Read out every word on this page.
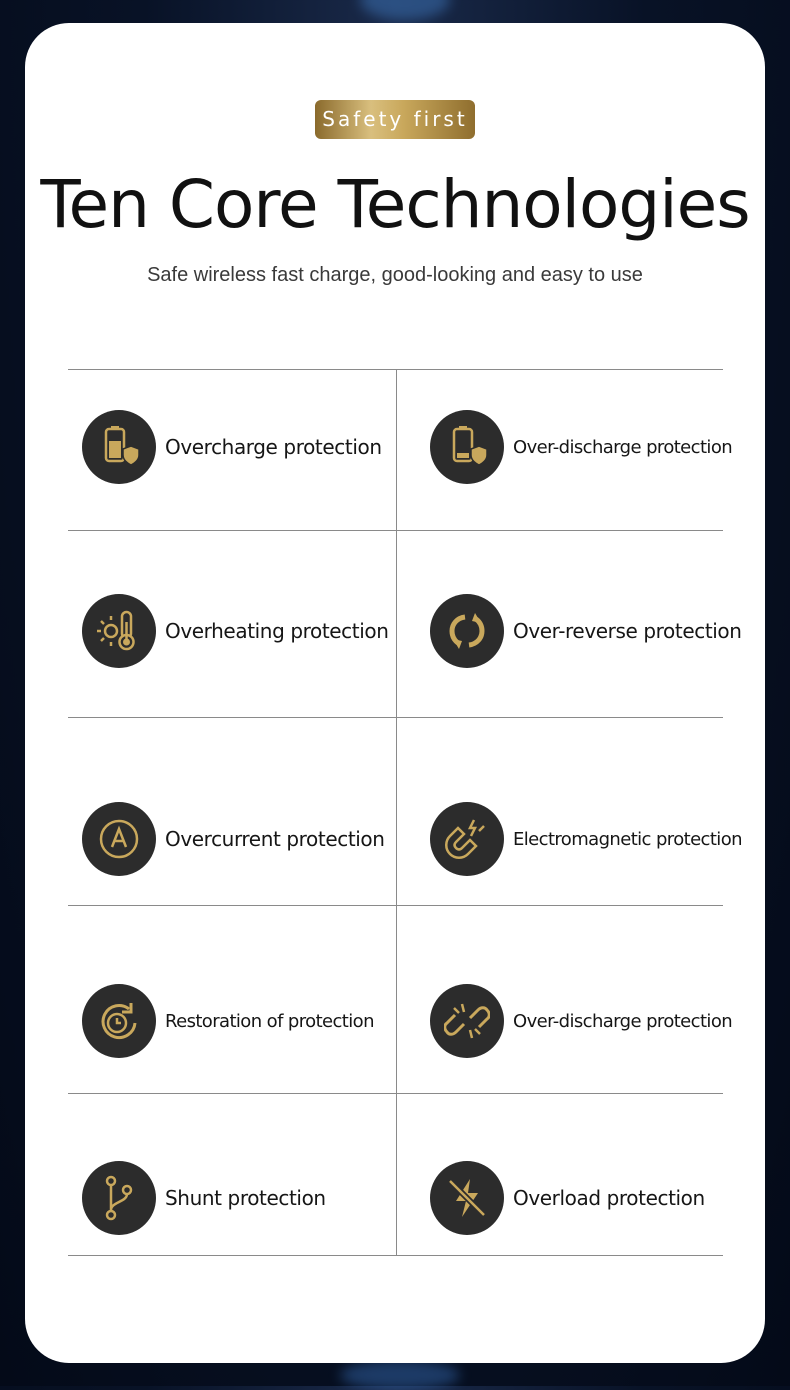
Safety first
Ten Core Technologies
Safe wireless fast charge, good-looking and easy to use
Overcharge protection	Over-discharge protection
Overheating protection	Over-reverse protection
Overcurrent protection	Electromagnetic protection
Restoration of protection	Over-discharge protection
Shunt protection	Overload protection
